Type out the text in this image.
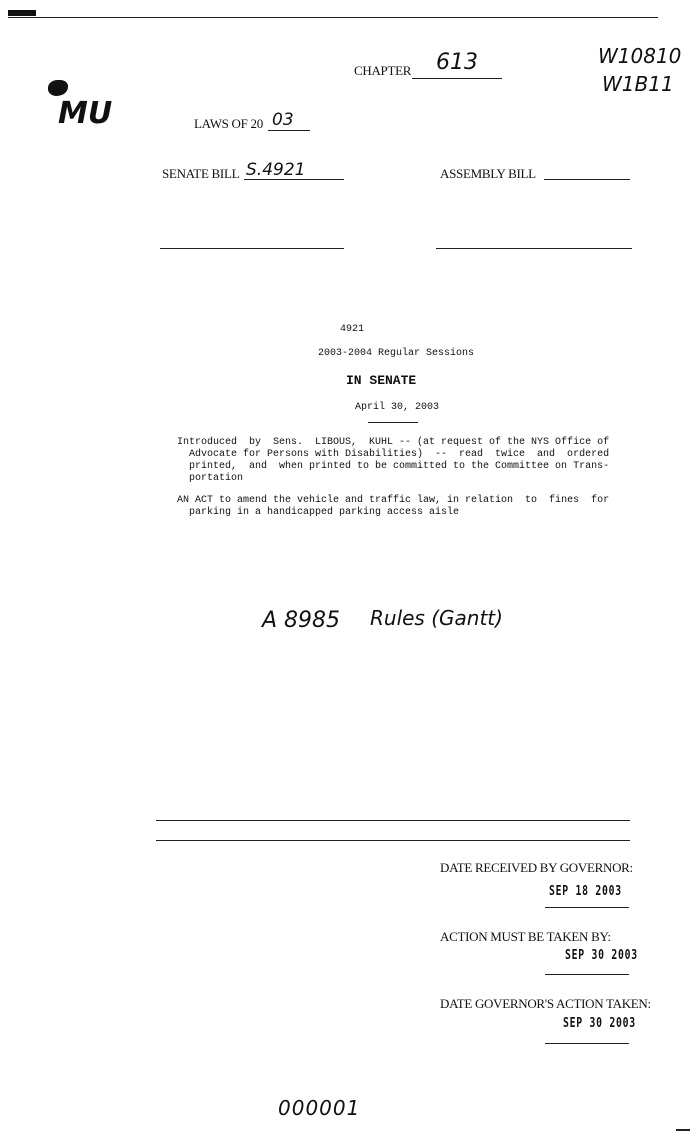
MU
CHAPTER 613	W10810
W1B11
LAWS OF 20 03
SENATE BILL S.4921	ASSEMBLY BILL
4921
2003-2004 Regular Sessions
IN SENATE
April 30, 2003
Introduced  by  Sens.  LIBOUS,  KUHL -- (at request of the NYS Office of
Advocate for Persons with Disabilities)  --  read  twice  and  ordered
printed,  and  when printed to be committed to the Committee on Trans-
portation
AN ACT to amend the vehicle and traffic law, in relation  to  fines  for
parking in a handicapped parking access aisle
A 8985 Rules (Gantt)
DATE RECEIVED BY GOVERNOR:
SEP 18 2003
ACTION MUST BE TAKEN BY:
SEP 30 2003
DATE GOVERNOR'S ACTION TAKEN:
SEP 30 2003
000001
